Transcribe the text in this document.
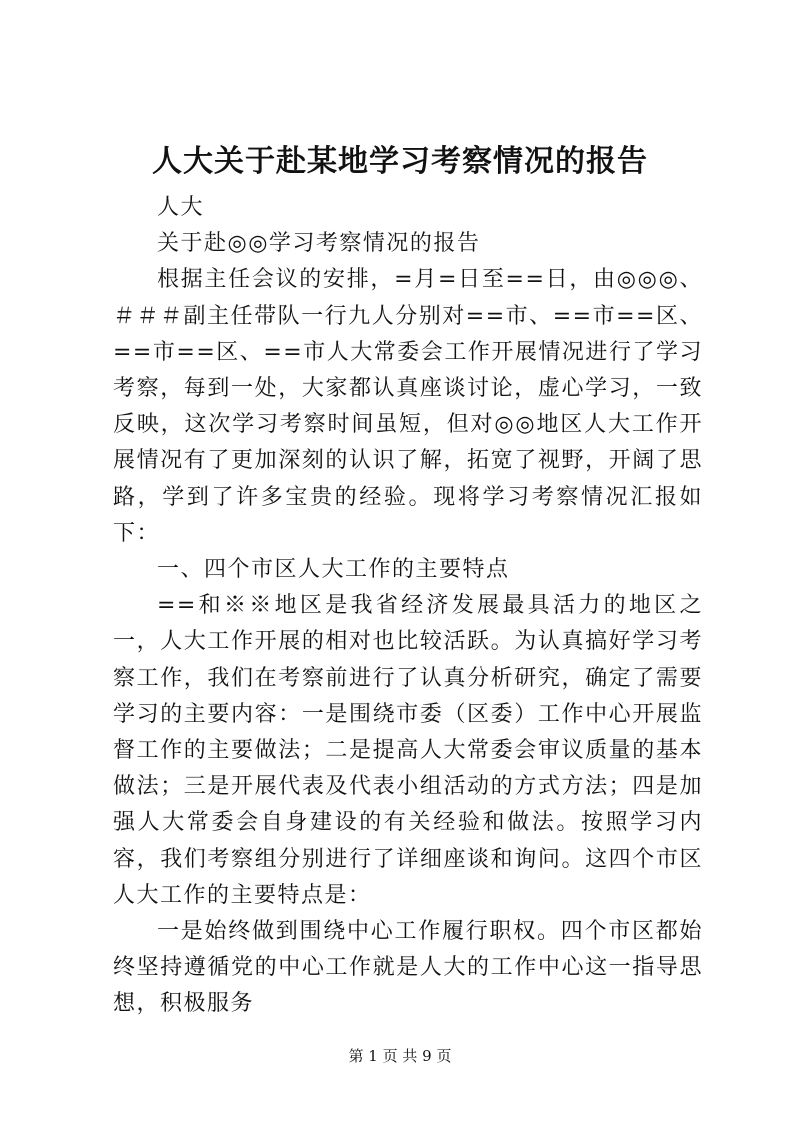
人大关于赴某地学习考察情况的报告

人大

关于赴◎◎学习考察情况的报告

根据主任会议的安排，=月=日至==日，由◎◎◎、＃＃＃副主任带队一行九人分别对==市、==市==区、==市==区、==市人大常委会工作开展情况进行了学习考察，每到一处，大家都认真座谈讨论，虚心学习，一致反映，这次学习考察时间虽短，但对◎◎地区人大工作开展情况有了更加深刻的认识了解，拓宽了视野，开阔了思路，学到了许多宝贵的经验。现将学习考察情况汇报如下：

一、四个市区人大工作的主要特点

==和※※地区是我省经济发展最具活力的地区之一，人大工作开展的相对也比较活跃。为认真搞好学习考察工作，我们在考察前进行了认真分析研究，确定了需要学习的主要内容：一是围绕市委（区委）工作中心开展监督工作的主要做法；二是提高人大常委会审议质量的基本做法；三是开展代表及代表小组活动的方式方法；四是加强人大常委会自身建设的有关经验和做法。按照学习内容，我们考察组分别进行了详细座谈和询问。这四个市区人大工作的主要特点是：

一是始终做到围绕中心工作履行职权。四个市区都始终坚持遵循党的中心工作就是人大的工作中心这一指导思想，积极服务

第 1 页 共 9 页
